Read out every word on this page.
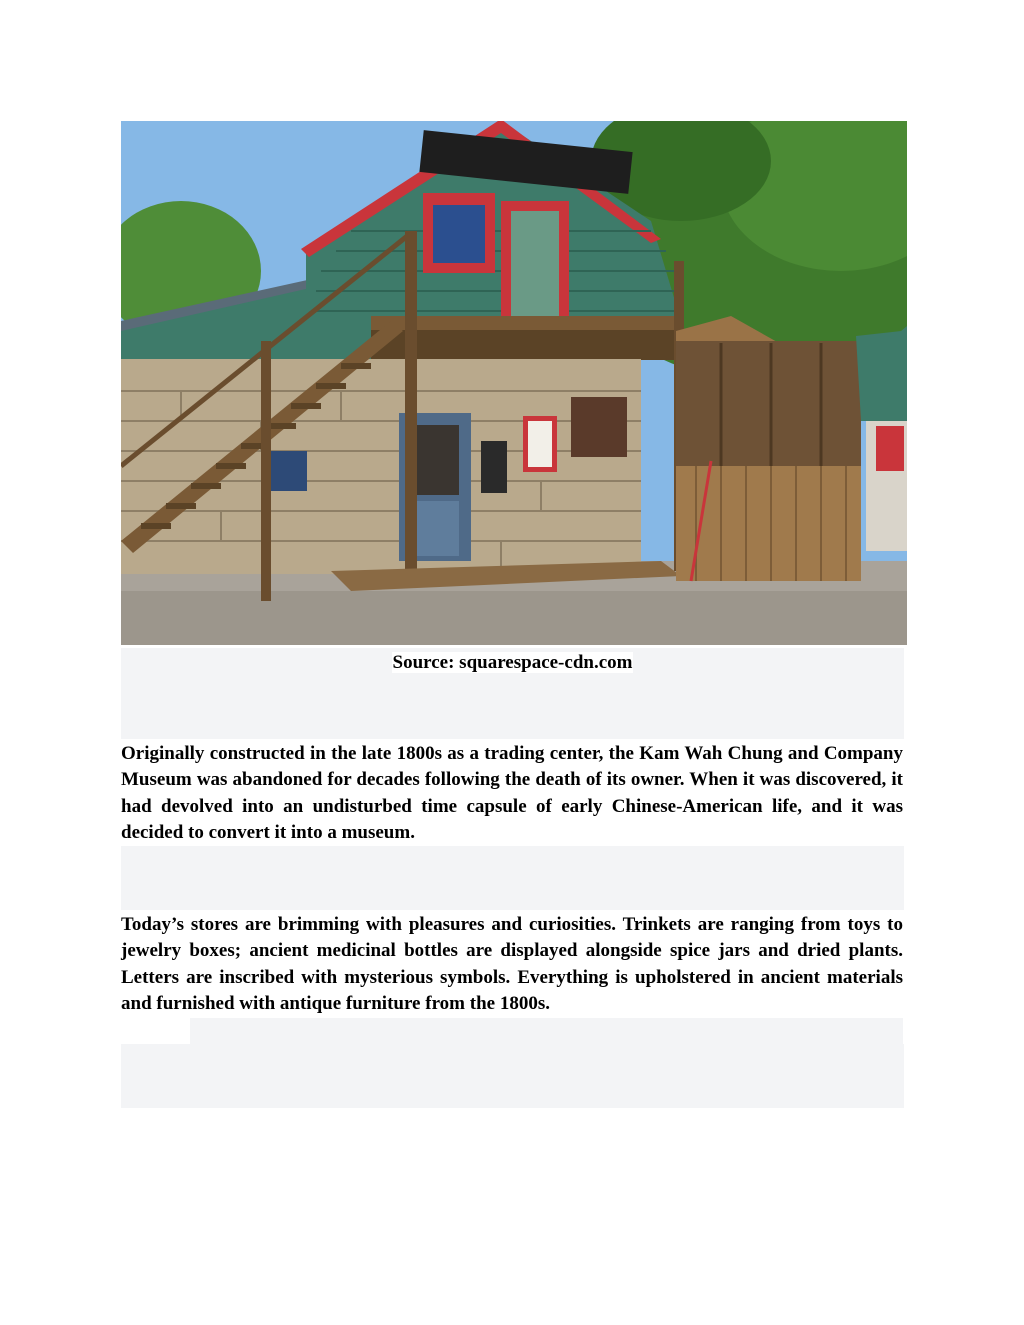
Source: squarespace-cdn.com

Originally constructed in the late 1800s as a trading center, the Kam Wah Chung and Company Museum was abandoned for decades following the death of its owner. When it was discovered, it had devolved into an undisturbed time capsule of early Chinese-American life, and it was decided to convert it into a museum.

Today’s stores are brimming with pleasures and curiosities. Trinkets are ranging from toys to jewelry boxes; ancient medicinal bottles are displayed alongside spice jars and dried plants. Letters are inscribed with mysterious symbols. Everything is upholstered in ancient materials and furnished with antique furniture from the 1800s.
